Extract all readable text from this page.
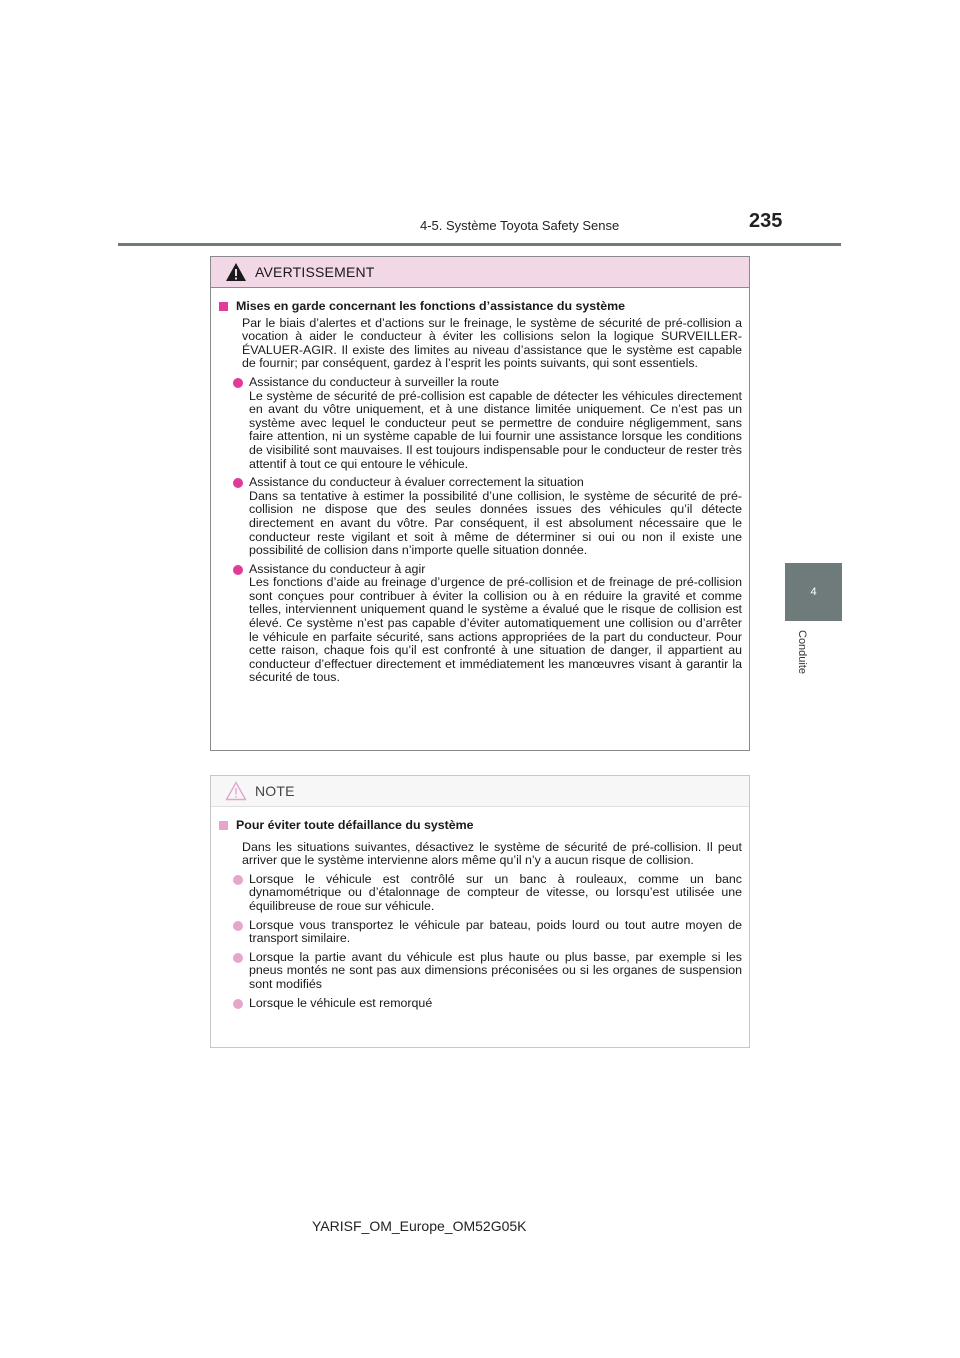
4-5. Système Toyota Safety Sense	235
4
Conduite
AVERTISSEMENT
Mises en garde concernant les fonctions d’assistance du système
Par le biais d’alertes et d’actions sur le freinage, le système de sécurité de pré-collision a vocation à aider le conducteur à éviter les collisions selon la logique SURVEILLER-ÉVALUER-AGIR. Il existe des limites au niveau d’assistance que le système est capable de fournir; par conséquent, gardez à l’esprit les points suivants, qui sont essentiels.

Assistance du conducteur à surveiller la route

Le système de sécurité de pré-collision est capable de détecter les véhicules directement en avant du vôtre uniquement, et à une distance limitée uniquement. Ce n’est pas un système avec lequel le conducteur peut se permettre de conduire négligemment, sans faire attention, ni un système capable de lui fournir une assistance lorsque les conditions de visibilité sont mauvaises. Il est toujours indispensable pour le conducteur de rester très attentif à tout ce qui entoure le véhicule.

Assistance du conducteur à évaluer correctement la situation

Dans sa tentative à estimer la possibilité d’une collision, le système de sécurité de pré-collision ne dispose que des seules données issues des véhicules qu’il détecte directement en avant du vôtre. Par conséquent, il est absolument nécessaire que le conducteur reste vigilant et soit à même de déterminer si oui ou non il existe une possibilité de collision dans n’importe quelle situation donnée.

Assistance du conducteur à agir

Les fonctions d’aide au freinage d’urgence de pré-collision et de freinage de pré-collision sont conçues pour contribuer à éviter la collision ou à en réduire la gravité et comme telles, interviennent uniquement quand le système a évalué que le risque de collision est élevé. Ce système n’est pas capable d’éviter automatiquement une collision ou d’arrêter le véhicule en parfaite sécurité, sans actions appropriées de la part du conducteur. Pour cette raison, chaque fois qu’il est confronté à une situation de danger, il appartient au conducteur d’effectuer directement et immédiatement les manœuvres visant à garantir la sécurité de tous.

NOTE
Pour éviter toute défaillance du système
Dans les situations suivantes, désactivez le système de sécurité de pré-collision. Il peut arriver que le système intervienne alors même qu’il n’y a aucun risque de collision.
Lorsque le véhicule est contrôlé sur un banc à rouleaux, comme un banc dynamométrique ou d’étalonnage de compteur de vitesse, ou lorsqu’est utilisée une équilibreuse de roue sur véhicule.
Lorsque vous transportez le véhicule par bateau, poids lourd ou tout autre moyen de transport similaire.
Lorsque la partie avant du véhicule est plus haute ou plus basse, par exemple si les pneus montés ne sont pas aux dimensions préconisées ou si les organes de suspension sont modifiés
Lorsque le véhicule est remorqué
YARISF_OM_Europe_OM52G05K
